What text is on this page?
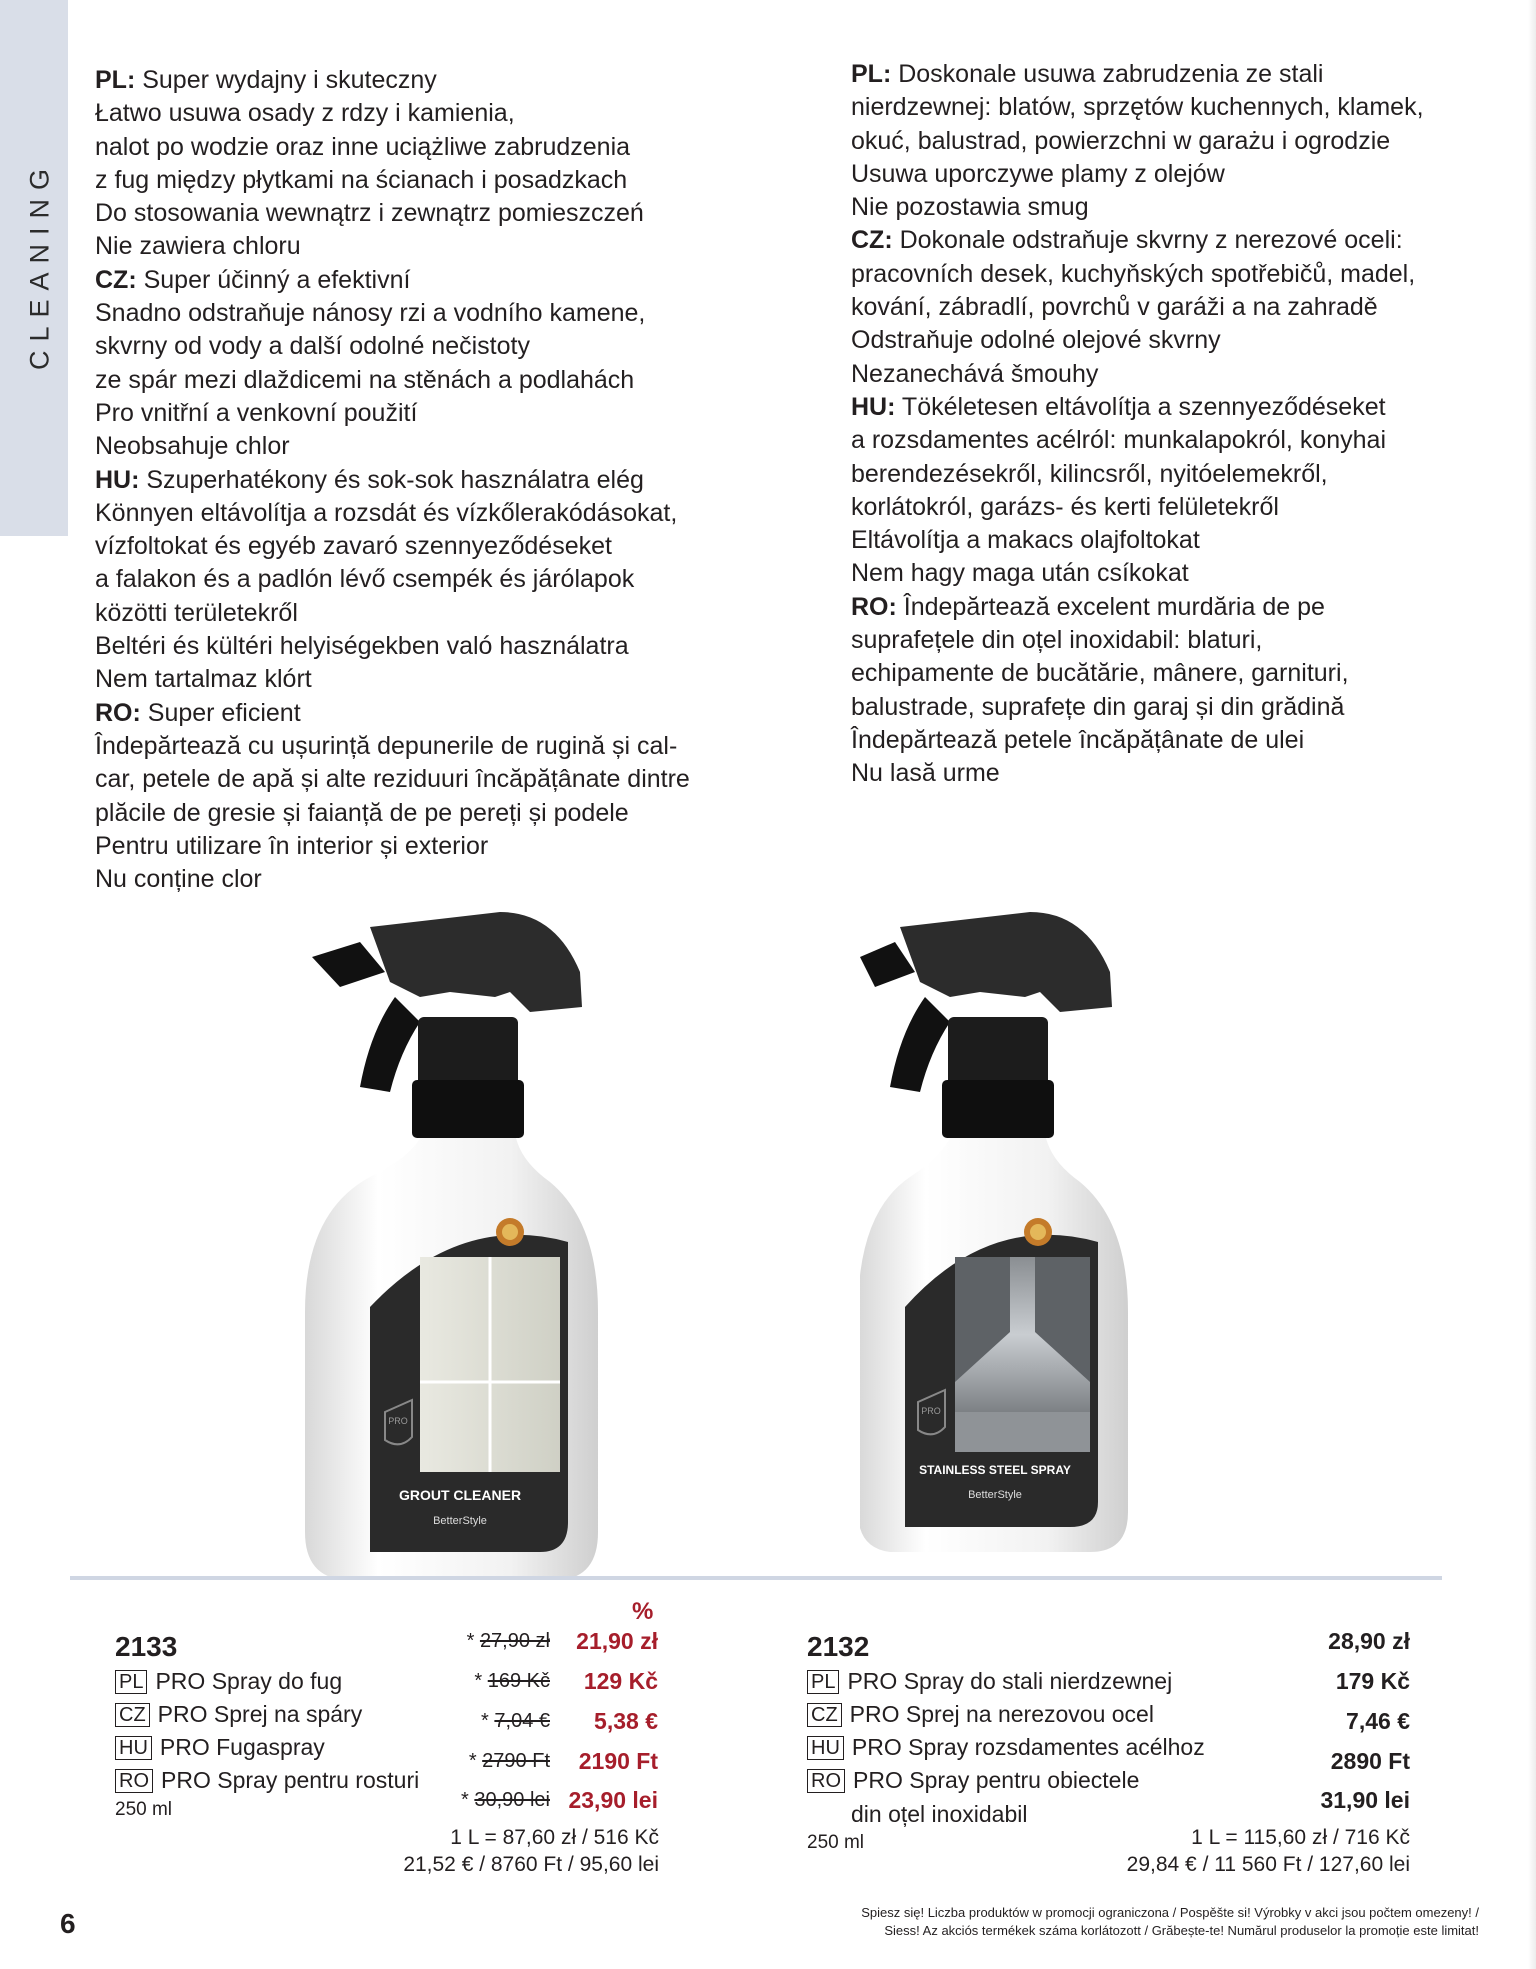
CLEANING
PL: Super wydajny i skuteczny
Łatwo usuwa osady z rdzy i kamienia,
nalot po wodzie oraz inne uciążliwe zabrudzenia
z fug między płytkami na ścianach i posadzkach
Do stosowania wewnątrz i zewnątrz pomieszczeń
Nie zawiera chloru
CZ: Super účinný a efektivní
Snadno odstraňuje nánosy rzi a vodního kamene,
skvrny od vody a další odolné nečistoty
ze spár mezi dlaždicemi na stěnách a podlahách
Pro vnitřní a venkovní použití
Neobsahuje chlor
HU: Szuperhatékony és sok-sok használatra elég
Könnyen eltávolítja a rozsdát és vízkőlerakódásokat,
vízfoltokat és egyéb zavaró szennyeződéseket
a falakon és a padlón lévő csempék és járólapok
közötti területekről
Beltéri és kültéri helyiségekben való használatra
Nem tartalmaz klórt
RO: Super eficient
Îndepărtează cu ușurință depunerile de rugină și cal-
car, petele de apă și alte reziduuri încăpățânate dintre
plăcile de gresie și faianță de pe pereți și podele
Pentru utilizare în interior și exterior
Nu conține clor
PL: Doskonale usuwa zabrudzenia ze stali
nierdzewnej: blatów, sprzętów kuchennych, klamek,
okuć, balustrad, powierzchni w garażu i ogrodzie
Usuwa uporczywe plamy z olejów
Nie pozostawia smug
CZ: Dokonale odstraňuje skvrny z nerezové oceli:
pracovních desek, kuchyňských spotřebičů, madel,
kování, zábradlí, povrchů v garáži a na zahradě
Odstraňuje odolné olejové skvrny
Nezanechává šmouhy
HU: Tökéletesen eltávolítja a szennyeződéseket
a rozsdamentes acélról: munkalapokról, konyhai
berendezésekről, kilincsről, nyitóelemekről,
korlátokról, garázs- és kerti felületekről
Eltávolítja a makacs olajfoltokat
Nem hagy maga után csíkokat
RO: Îndepărtează excelent murdăria de pe
suprafețele din oțel inoxidabil: blaturi,
echipamente de bucătărie, mânere, garnituri,
balustrade, suprafețe din garaj și din grădină
Îndepărtează petele încăpățânate de ulei
Nu lasă urme
PRO
GROUT CLEANER
BetterStyle
PRO
STAINLESS STEEL SPRAY
BetterStyle
%
2133
PL PRO Spray do fug
CZ PRO Sprej na spáry
HU PRO Fugaspray
RO PRO Spray pentru rosturi
250 ml
* 27,90 zł
* 169 Kč
* 7,04 €
* 2790 Ft
* 30,90 lei
21,90 zł
129 Kč
5,38 €
2190 Ft
23,90 lei
1 L = 87,60 zł / 516 Kč
21,52 € / 8760 Ft / 95,60 lei
2132
PL PRO Spray do stali nierdzewnej
CZ PRO Sprej na nerezovou ocel
HU PRO Spray rozsdamentes acélhoz
RO PRO Spray pentru obiectele
din oțel inoxidabil
250 ml
28,90 zł
179 Kč
7,46 €
2890 Ft
31,90 lei
1 L = 115,60 zł / 716 Kč
29,84 € / 11 560 Ft / 127,60 lei
6	Spiesz się! Liczba produktów w promocji ograniczona / Pospěšte si! Výrobky v akci jsou počtem omezeny! /
Siess! Az akciós termékek száma korlátozott / Grăbește-te! Numărul produselor la promoție este limitat!
